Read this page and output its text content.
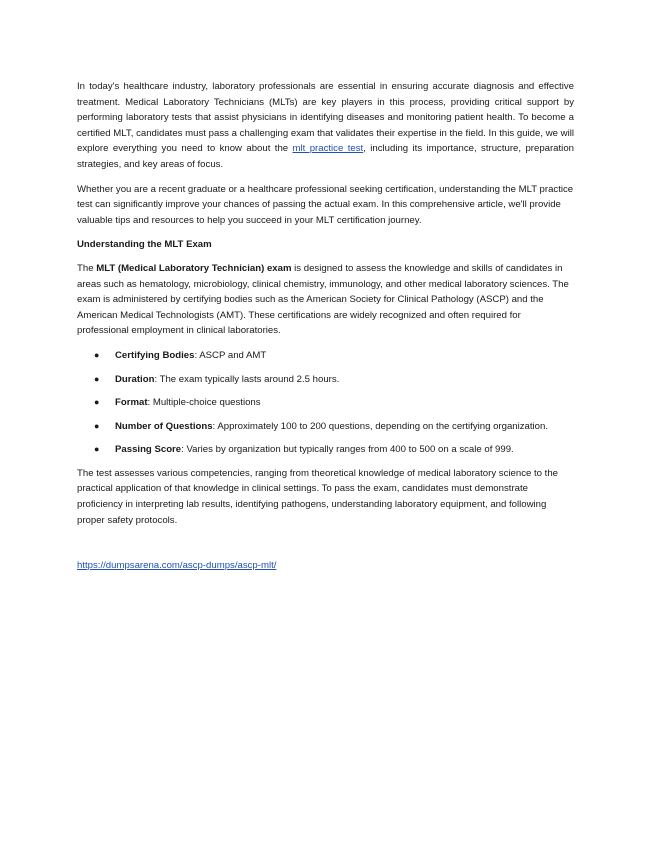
In today's healthcare industry, laboratory professionals are essential in ensuring accurate diagnosis and effective treatment. Medical Laboratory Technicians (MLTs) are key players in this process, providing critical support by performing laboratory tests that assist physicians in identifying diseases and monitoring patient health. To become a certified MLT, candidates must pass a challenging exam that validates their expertise in the field. In this guide, we will explore everything you need to know about the mlt practice test, including its importance, structure, preparation strategies, and key areas of focus.

Whether you are a recent graduate or a healthcare professional seeking certification, understanding the MLT practice test can significantly improve your chances of passing the actual exam. In this comprehensive article, we'll provide valuable tips and resources to help you succeed in your MLT certification journey.

Understanding the MLT Exam

The MLT (Medical Laboratory Technician) exam is designed to assess the knowledge and skills of candidates in areas such as hematology, microbiology, clinical chemistry, immunology, and other medical laboratory sciences. The exam is administered by certifying bodies such as the American Society for Clinical Pathology (ASCP) and the American Medical Technologists (AMT). These certifications are widely recognized and often required for professional employment in clinical laboratories.

● Certifying Bodies: ASCP and AMT
● Duration: The exam typically lasts around 2.5 hours.
● Format: Multiple-choice questions
● Number of Questions: Approximately 100 to 200 questions, depending on the certifying organization.
● Passing Score: Varies by organization but typically ranges from 400 to 500 on a scale of 999.

The test assesses various competencies, ranging from theoretical knowledge of medical laboratory science to the practical application of that knowledge in clinical settings. To pass the exam, candidates must demonstrate proficiency in interpreting lab results, identifying pathogens, understanding laboratory equipment, and following proper safety protocols.

https://dumpsarena.com/ascp-dumps/ascp-mlt/
